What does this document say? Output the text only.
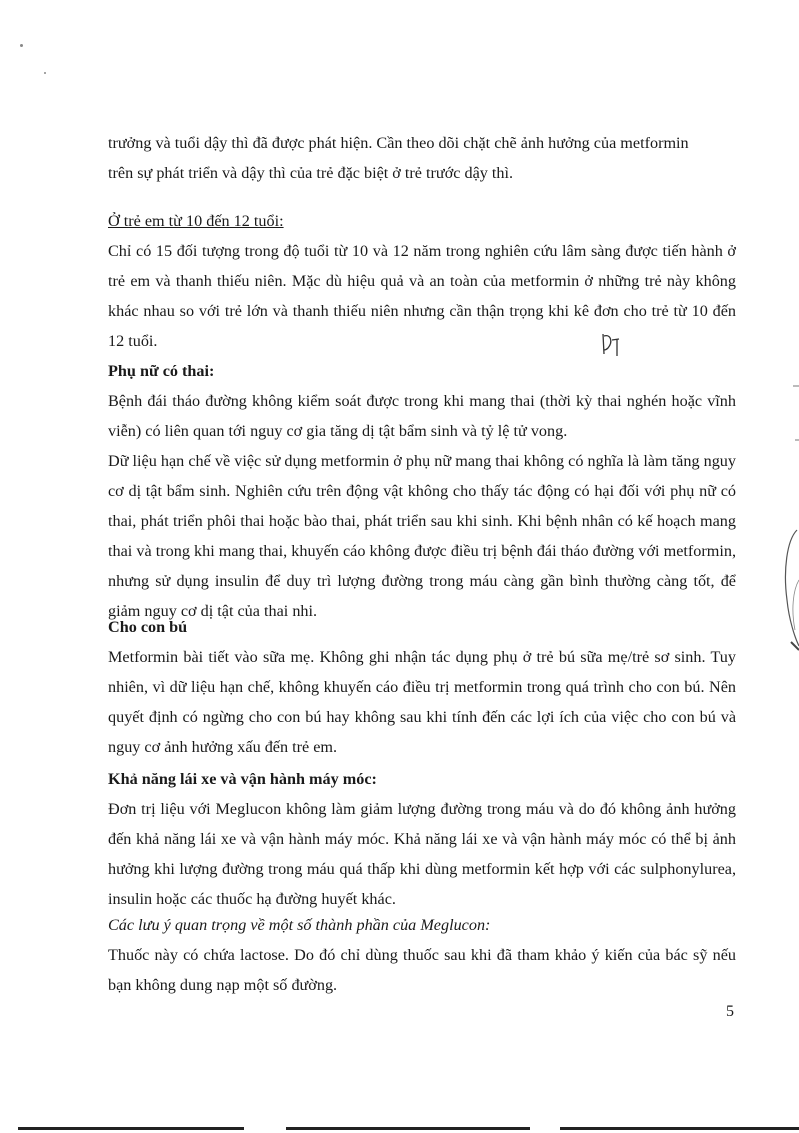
trưởng và tuổi dậy thì đã được phát hiện. Cần theo dõi chặt chẽ ảnh hưởng của metformin

trên sự phát triển và dậy thì của trẻ đặc biệt ở trẻ trước dậy thì.

Ở trẻ em từ 10 đến 12 tuổi:

Chỉ có 15 đối tượng trong độ tuổi từ 10 và 12 năm trong nghiên cứu lâm sàng được tiến hành ở trẻ em và thanh thiếu niên. Mặc dù hiệu quả và an toàn của metformin ở những trẻ này không khác nhau so với trẻ lớn và thanh thiếu niên nhưng cần thận trọng khi kê đơn cho trẻ từ 10 đến 12 tuổi.

Phụ nữ có thai:

Bệnh đái tháo đường không kiểm soát được trong khi mang thai (thời kỳ thai nghén hoặc vĩnh viễn) có liên quan tới nguy cơ gia tăng dị tật bẩm sinh và tỷ lệ tử vong.

Dữ liệu hạn chế về việc sử dụng metformin ở phụ nữ mang thai không có nghĩa là làm tăng nguy cơ dị tật bẩm sinh. Nghiên cứu trên động vật không cho thấy tác động có hại đối với phụ nữ có thai, phát triển phôi thai hoặc bào thai, phát triển sau khi sinh. Khi bệnh nhân có kế hoạch mang thai và trong khi mang thai, khuyến cáo không được điều trị bệnh đái tháo đường với metformin, nhưng sử dụng insulin để duy trì lượng đường trong máu càng gần bình thường càng tốt, để giảm nguy cơ dị tật của thai nhi.

Cho con bú

Metformin bài tiết vào sữa mẹ. Không ghi nhận tác dụng phụ ở trẻ bú sữa mẹ/trẻ sơ sinh. Tuy nhiên, vì dữ liệu hạn chế, không khuyến cáo điều trị metformin trong quá trình cho con bú. Nên quyết định có ngừng cho con bú hay không sau khi tính đến các lợi ích của việc cho con bú và nguy cơ ảnh hưởng xấu đến trẻ em.

Khả năng lái xe và vận hành máy móc:

Đơn trị liệu với Meglucon không làm giảm lượng đường trong máu và do đó không ảnh hưởng đến khả năng lái xe và vận hành máy móc. Khả năng lái xe và vận hành máy móc có thể bị ảnh hưởng khi lượng đường trong máu quá thấp khi dùng metformin kết hợp với các sulphonylurea, insulin hoặc các thuốc hạ đường huyết khác.

Các lưu ý quan trọng về một số thành phần của Meglucon:

Thuốc này có chứa lactose. Do đó chỉ dùng thuốc sau khi đã tham khảo ý kiến của bác sỹ nếu bạn không dung nạp một số đường.

5
